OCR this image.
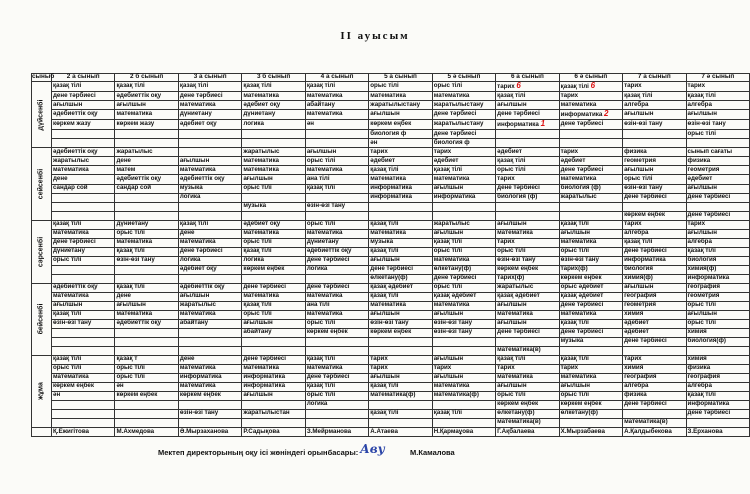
II ауысым
сыныб	2 а сынып	2 б сынып	3 а сынып	3 б сынып	4 а сынып	5 а сынып	5 ә сынып	6 а сынып	6 ә сынып	7 а сынып	7 ә сынып

дүйсенбі	қазақ тілі	қазақ тілі	қазақ тілі	қазақ тілі	қазақ тілі	орыс тілі	орыс тілі	тарих 6	қазақ тілі 6	тарих	тарих
	дене тәрбиесі	әдебиеттік оқу	дене тәрбиесі	математика	математика	математика	математика	қазақ тілі	тарих	қазақ тілі	қазақ тілі
	ағылшын	ағылшын	математика	әдебиет оқу	абайтану	жаратылыстану	жаратылыстану	ағылшын	математика	алгебра	алгебра
	әдебиеттік оқу	математика	дүниетану	дүниетану	математика	ағылшын	дене тәрбиесі	дене тәрбиесі	информатика 2	ағылшын	ағылшын
	көркем жазу	көркем жазу	әдебиет оқу	логика	ән	көркем еңбек	жаратылыстану	информатика 1	дене тәрбиесі	өзін-өзі тану	өзін-өзі тану
						биология ф	дене тәрбиесі				орыс тілі
						ән	биология ф				

сейсенбі	әдебиеттік оқу	жаратылыс		жаратылыс	ағылшын	тарих	тарих	әдебиет	тарих	физика	сынып сағаты
	жаратылыс	дене	ағылшын	математика	орыс тілі	әдебиет	әдебиет	қазақ тілі	әдебиет	геометрия	физика
	математика	матем	математика	математика	математика	қазақ тілі	қазақ тілі	орыс тілі	дене тәрбиесі	ағылшын	геометрия
	дене	әдебиеттік оқу	әдебиеттік оқу	ағылшын	ана тілі	математика	математика	тарих	математика	орыс тілі	әдебиет
	сандар сой	сандар сой	музыка	орыс тілі	қазақ тілі	информатика	ағылшын	дене тәрбиесі	биология (ф)	өзін-өзі тану	ағылшын
			логика			информатика	информатика	биология (ф)	жаратылыс	дене тәрбиесі	дене тәрбиесі
				музыка	өзін-өзі тану						
										көркем еңбек	дене тәрбиесі

сәрсенбі	қазақ тілі	дүниетану	қазақ тілі	әдебиет оқу	орыс тілі	қазақ тілі	жаратылыс	ағылшын	қазақ тілі	тарих	тарих
	математика	орыс тілі	дене	математика	математика	математика	ағылшын	математика	ағылшын	алгебра	ағылшын
	дене тәрбиесі	математика	математика	орыс тілі	дүниетану	музыка	қазақ тілі	тарих	математика	қазақ тілі	алгебра
	дүниетану	қазақ тілі	дене тәрбиесі	қазақ тілі	әдебиеттік оқу	қазақ тілі	орыс тілі	орыс тілі	орыс тілі	дене тәрбиесі	қазақ тілі
	орыс тілі	өзін-өзі тану	логика	логика	дене тәрбиесі	ағылшын	математика	өзін-өзі тану	өзін-өзі тану	информатика	биология
			әдебиет оқу	көркем еңбек	логика	дене тәрбиесі	өлкетану(ф)	көркем еңбек	тарих(ф)	биология	химия(ф)
						өлкетану(ф)	дене тәрбиесі	тарих(ф)	көркем еңбек	химия(ф)	информатика

бейсенбі	әдебиеттік оқу	қазақ тілі	әдебиеттік оқу	дене тәрбиесі	дене тәрбиесі	қазақ әдебиет	орыс тілі	жаратылыс	орыс әдебиет	ағылшын	география
	математика	дене	ағылшын	математика	математика	қазақ тілі	қазақ әдебиет	қазақ әдебиет	қазақ әдебиет	география	геометрия
	ағылшын	ағылшын	жаратылыс	қазақ тілі	ана тілі	математика	математика	ағылшын	дене тәрбиесі	геометрия	орыс тілі
	қазақ тілі	математика	математика	орыс тілі	математика	ағылшын	ағылшын	математика	математика	химия	ағылшын
	өзін-өзі тану	әдебиеттік оқу	абайтану	ағылшын	орыс тілі	өзін-өзі тану	өзін-өзі тану	ағылшын	қазақ тілі	әдебиет	орыс тілі
				абайтану	көркем еңбек	көркем еңбек	өзін-өзі тану	дене тәрбиесі	дене тәрбиесі	әдебиет	химия
									музыка	дене тәрбиесі	биология(ф)
								математика(в)			

жұма	қазақ тілі	қазақ т	дене	дене тәрбиесі	қазақ тілі	тарих	ағылшын	қазақ тілі	қазақ тілі	тарих	химия
	орыс тілі	орыс тілі	математика	математика	математика	тарих	тарих	тарих	тарих	химия	физика
	математика	орыс тілі	информатика	информатика	дене тәрбиесі	ағылшын	ағылшын	математика	математика	география	география
	көркем еңбек	ән	математика	информатика	қазақ тілі	қазақ тілі	математика	ағылшын	ағылшын	алгебра	алгебра
	ән	көркем еңбек	көркем еңбек	ағылшын	орыс тілі	математика(ф)	математика(ф)	орыс тілі	орыс тілі	физика	қазақ тілі
					логика			көркем еңбек	көркем еңбек	дене тәрбиесі	информатика
			өзін-өзі тану	жаратылыстан		қазақ тілі	қазақ тілі	өлкетану(ф)	өлкетану(ф)		дене тәрбиесі
								математика(в)		математика(в)	
	Қ.Ежигітова	М.Ахмедова	Ә.Мырзаханова	Р.Садықова	З.Мейрманова	А.Атаева	Н.Қармаұова	Г.Ақбалаева	Х.Мырзабаева	А.Қалдыбекова	З.Ерханова
Мектеп директорының оқу ісі жөніндегі орынбасары: Аву	М.Камалова
